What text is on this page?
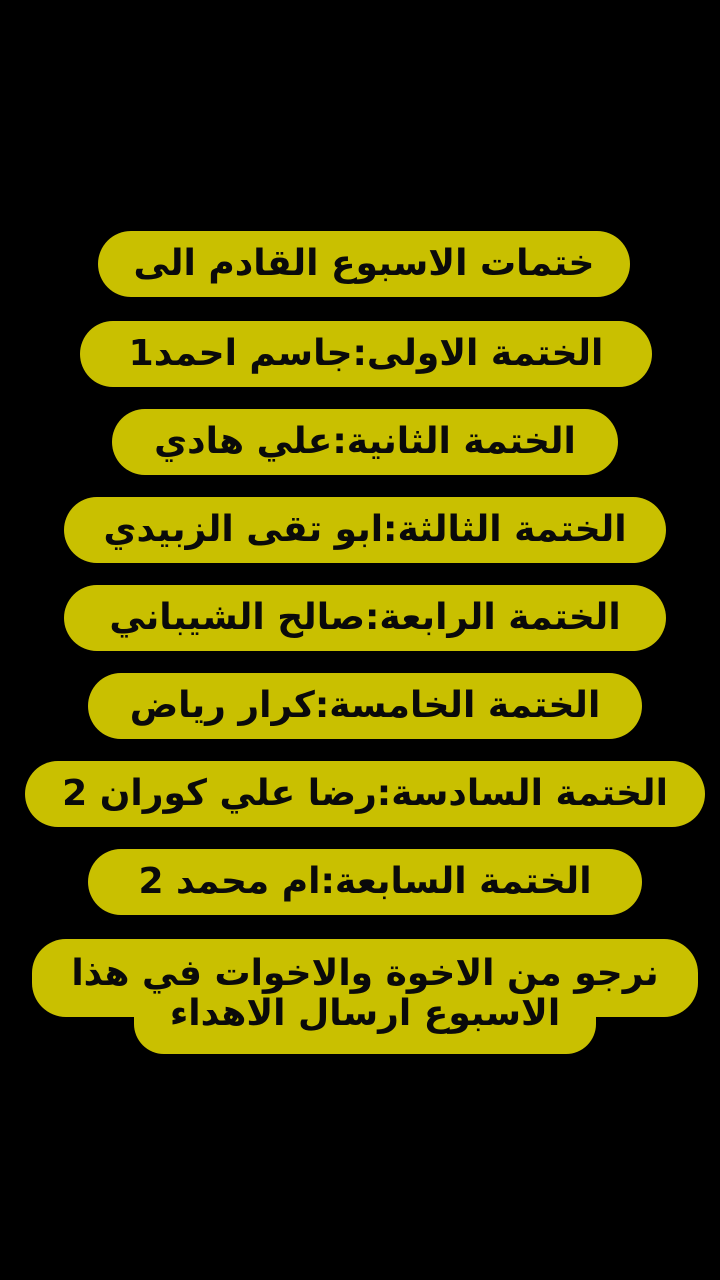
ختمات الاسبوع القادم الى
الختمة الاولى:جاسم احمد1
الختمة الثانية:علي هادي
الختمة الثالثة:ابو تقى الزبيدي
الختمة الرابعة:صالح الشيباني
الختمة الخامسة:كرار رياض
الختمة السادسة:رضا علي كوران 2
الختمة السابعة:ام محمد 2
نرجو من الاخوة والاخوات في هذا
الاسبوع ارسال الاهداء
